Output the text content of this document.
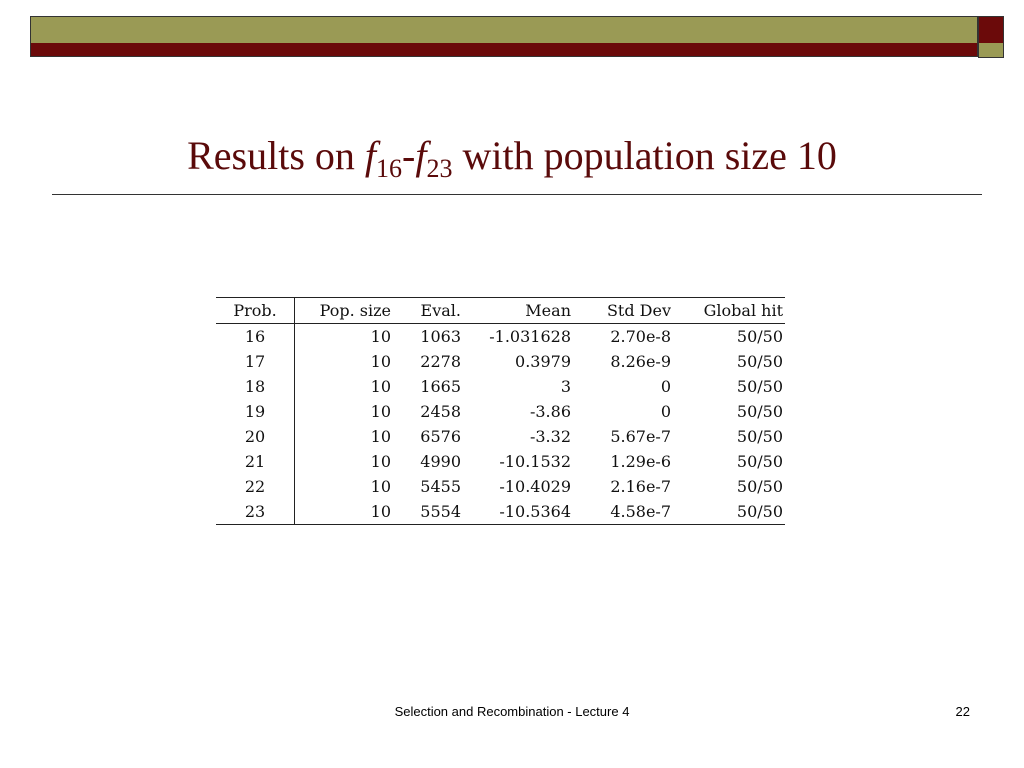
Results on $f_{16}-f_{23}$ with population size 10
Prob.	Pop. size	Eval.	Mean	Std Dev	Global hit
16	10	1063	-1.031628	2.70e-8	50/50
17	10	2278	0.3979	8.26e-9	50/50
18	10	1665	3	0	50/50
19	10	2458	-3.86	0	50/50
20	10	6576	-3.32	5.67e-7	50/50
21	10	4990	-10.1532	1.29e-6	50/50
22	10	5455	-10.4029	2.16e-7	50/50
23	10	5554	-10.5364	4.58e-7	50/50
Selection and Recombination - Lecture 4	22
